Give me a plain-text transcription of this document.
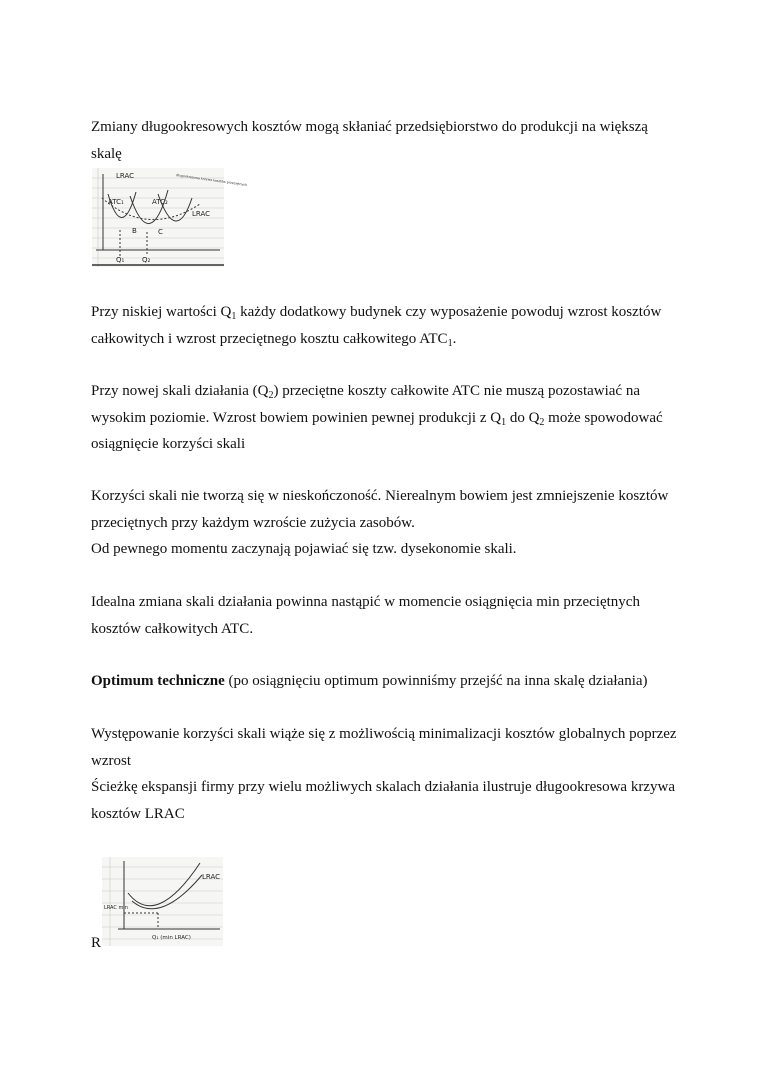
Zmiany długookresowych kosztów mogą skłaniać przedsiębiorstwo do produkcji na większą skalę

LRAC
ATC₁	ATC₂
LRAC
B	C
Q₁	Q₂
długookresowa krzywa kosztów przeciętnych

Przy niskiej wartości $Q_1$ każdy dodatkowy budynek czy wyposażenie powoduj wzrost kosztów całkowitych i wzrost przeciętnego kosztu całkowitego $ATC_1$.

Przy nowej skali działania $(Q_2)$ przeciętne koszty całkowite ATC nie muszą pozostawiać na wysokim poziomie. Wzrost bowiem powinien pewnej produkcji z $Q_1$ do $Q_2$ może spowodować osiągnięcie korzyści skali

Korzyści skali nie tworzą się w nieskończoność. Nierealnym bowiem jest zmniejszenie kosztów przeciętnych przy każdym wzroście zużycia zasobów.

Od pewnego momentu zaczynają pojawiać się tzw. dysekonomie skali.

Idealna zmiana skali działania powinna nastąpić w momencie osiągnięcia min przeciętnych kosztów całkowitych ATC.

Optimum techniczne (po osiągnięciu optimum powinniśmy przejść na inna skalę działania)

Występowanie korzyści skali wiąże się z możliwością minimalizacji kosztów globalnych poprzez wzrost

Ścieżkę ekspansji firmy przy wielu możliwych skalach działania ilustruje długookresowa krzywa kosztów LRAC

LRAC
LRAC min
Q₁ (min LRAC)

R
